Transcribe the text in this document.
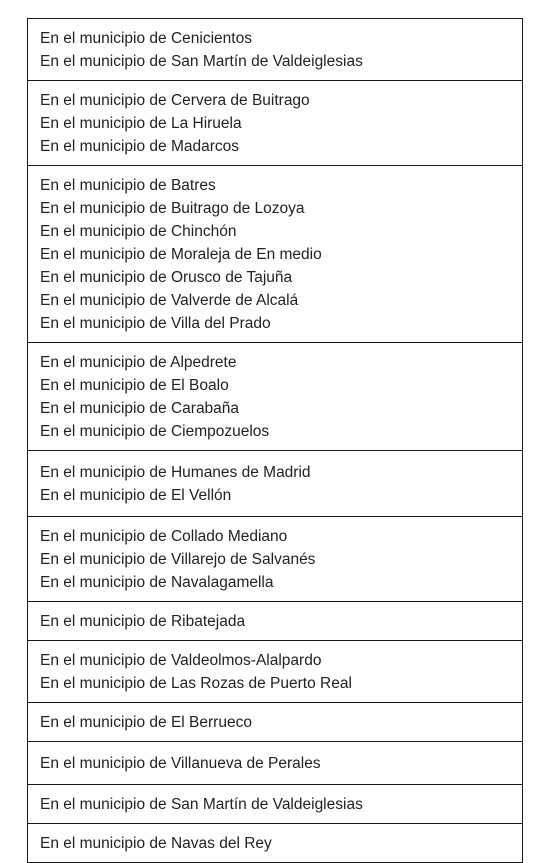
En el municipio de Cenicientos
En el municipio de San Martín de Valdeiglesias
En el municipio de Cervera de Buitrago
En el municipio de La Hiruela
En el municipio de Madarcos
En el municipio de Batres
En el municipio de Buitrago de Lozoya
En el municipio de Chinchón
En el municipio de Moraleja de En medio
En el municipio de Orusco de Tajuña
En el municipio de Valverde de Alcalá
En el municipio de Villa del Prado
En el municipio de Alpedrete
En el municipio de El Boalo
En el municipio de Carabaña
En el municipio de Ciempozuelos
En el municipio de Humanes de Madrid
En el municipio de El Vellón
En el municipio de Collado Mediano
En el municipio de Villarejo de Salvanés
En el municipio de Navalagamella
En el municipio de Ribatejada
En el municipio de Valdeolmos-Alalpardo
En el municipio de Las Rozas de Puerto Real
En el municipio de El Berrueco
En el municipio de Villanueva de Perales
En el municipio de San Martín de Valdeiglesias
En el municipio de Navas del Rey
